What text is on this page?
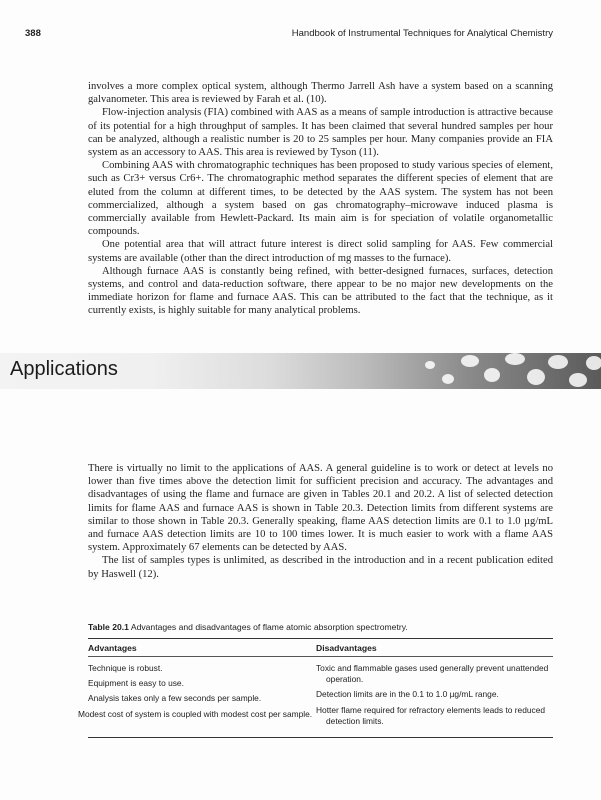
388	Handbook of Instrumental Techniques for Analytical Chemistry

involves a more complex optical system, although Thermo Jarrell Ash have a system based on a scanning galvanometer. This area is reviewed by Farah et al. (10).

Flow-injection analysis (FIA) combined with AAS as a means of sample introduction is attractive because of its potential for a high throughput of samples. It has been claimed that several hundred samples per hour can be analyzed, although a realistic number is 20 to 25 samples per hour. Many companies provide an FIA system as an accessory to AAS. This area is reviewed by Tyson (11).

Combining AAS with chromatographic techniques has been proposed to study various species of element, such as Cr3+ versus Cr6+. The chromatographic method separates the different species of element that are eluted from the column at different times, to be detected by the AAS system. The system has not been commercialized, although a system based on gas chromatography–microwave induced plasma is commercially available from Hewlett-Packard. Its main aim is for speciation of volatile organometallic compounds.

One potential area that will attract future interest is direct solid sampling for AAS. Few commercial systems are available (other than the direct introduction of mg masses to the furnace).

Although furnace AAS is constantly being refined, with better-designed furnaces, surfaces, detection systems, and control and data-reduction software, there appear to be no major new developments on the immediate horizon for flame and furnace AAS. This can be attributed to the fact that the technique, as it currently exists, is highly suitable for many analytical problems.

Applications

There is virtually no limit to the applications of AAS. A general guideline is to work or detect at levels no lower than five times above the detection limit for sufficient precision and accuracy. The advantages and disadvantages of using the flame and furnace are given in Tables 20.1 and 20.2. A list of selected detection limits for flame AAS and furnace AAS is shown in Table 20.3. Detection limits from different systems are similar to those shown in Table 20.3. Generally speaking, flame AAS detection limits are 0.1 to 1.0 µg/mL and furnace AAS detection limits are 10 to 100 times lower. It is much easier to work with a flame AAS system. Approximately 67 elements can be detected by AAS.

The list of samples types is unlimited, as described in the introduction and in a recent publication edited by Haswell (12).

Table 20.1 Advantages and disadvantages of flame atomic absorption spectrometry.
Advantages	Disadvantages
Technique is robust.
Equipment is easy to use.
Analysis takes only a few seconds per sample.
Modest cost of system is coupled with modest cost per sample.
Toxic and flammable gases used generally prevent unattended operation.
Detection limits are in the 0.1 to 1.0 µg/mL range.
Hotter flame required for refractory elements leads to reduced detection limits.
